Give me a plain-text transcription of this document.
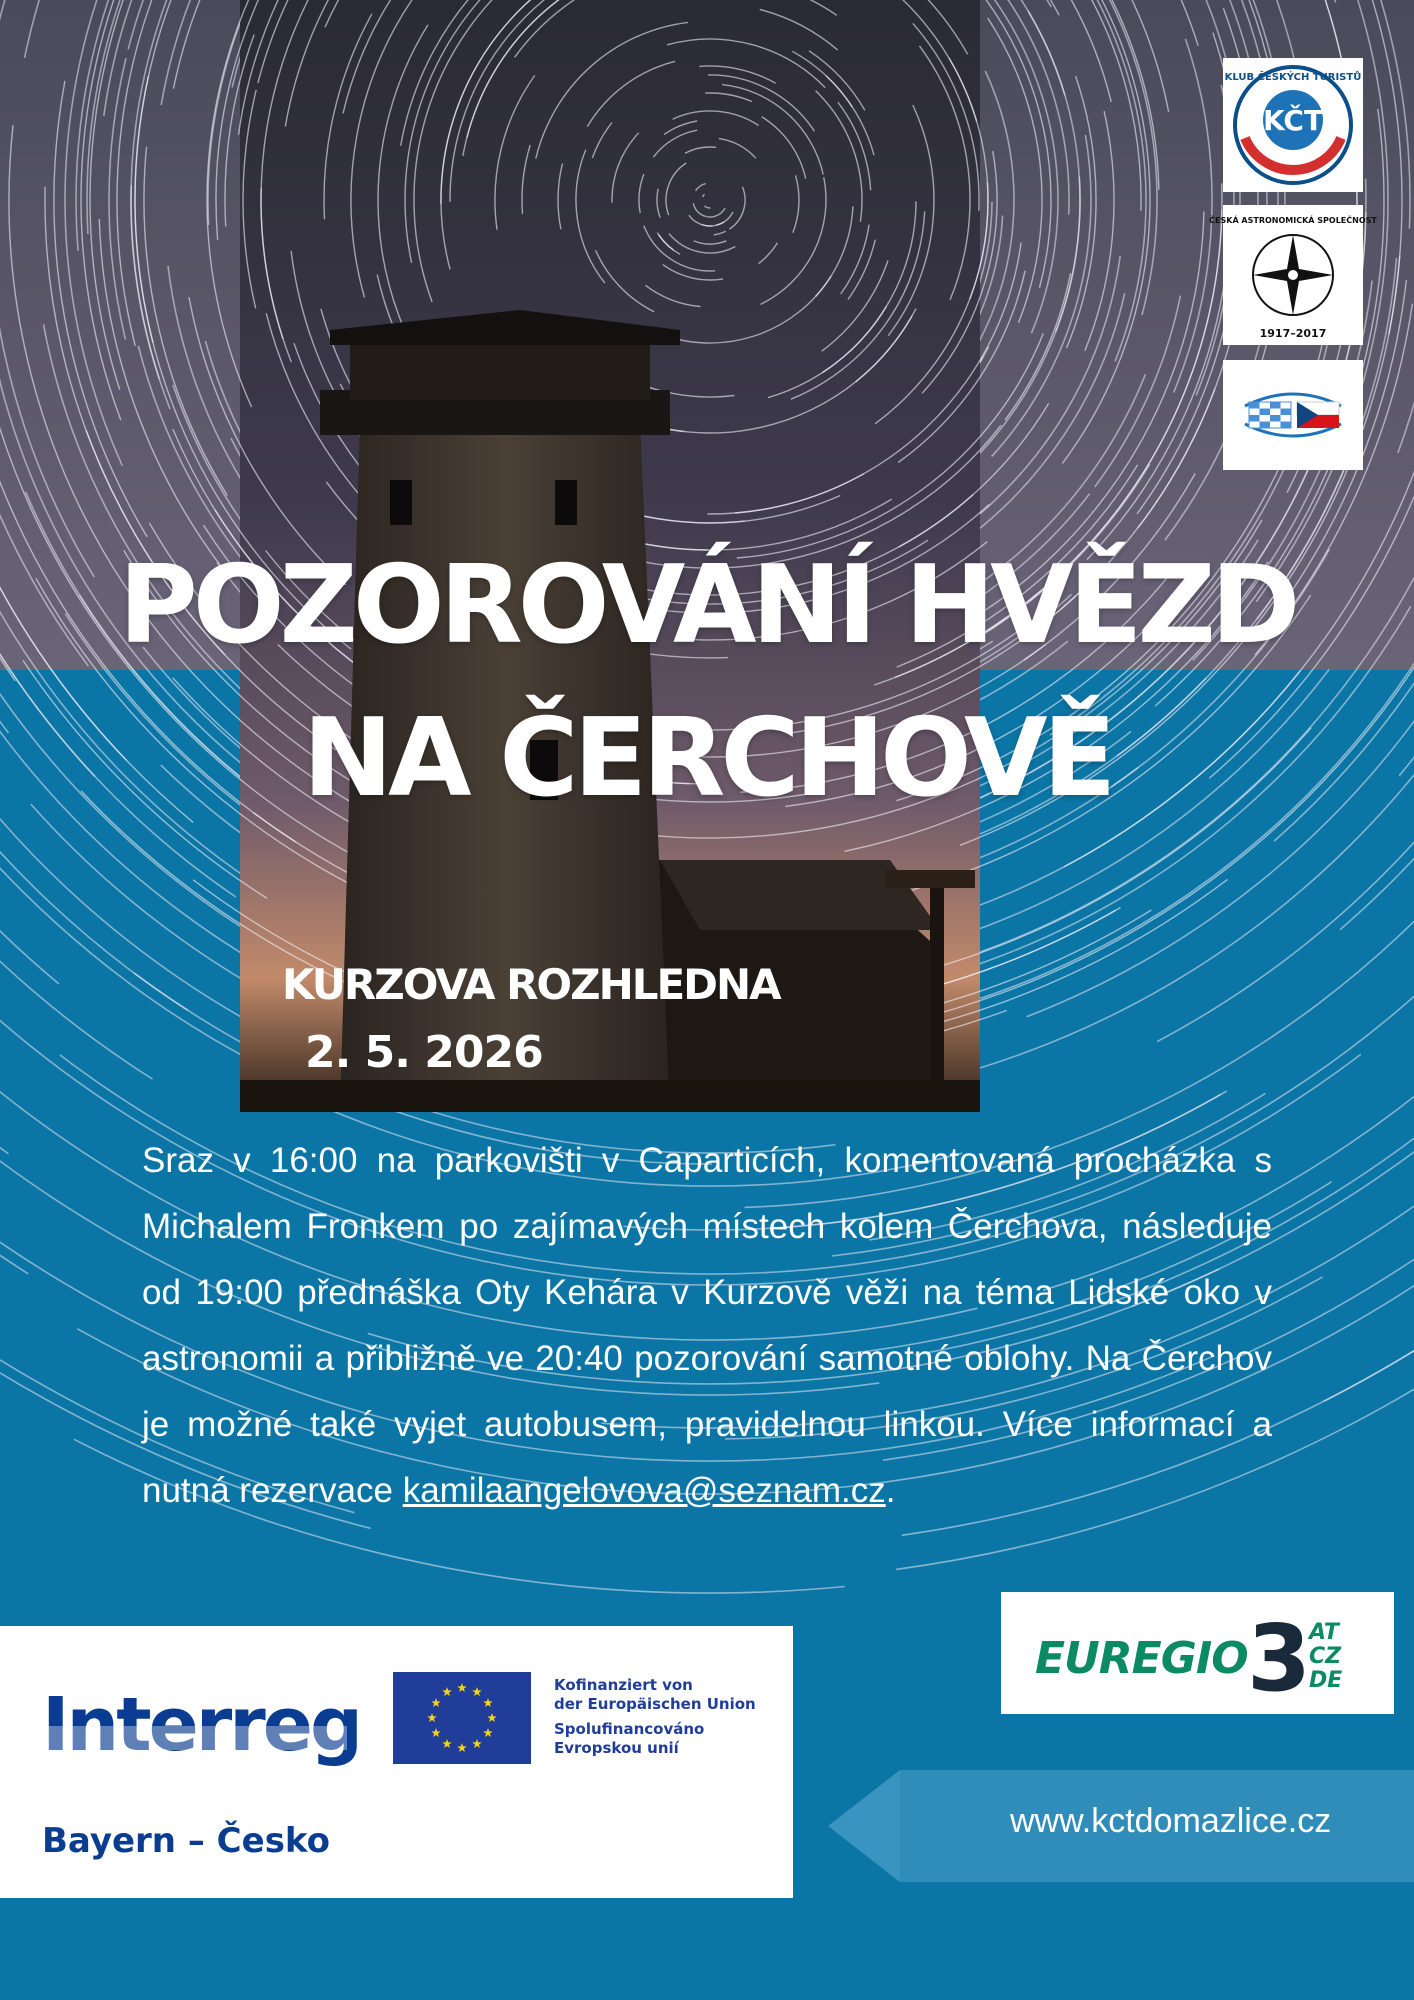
KČT
KLUB ČESKÝCH TURISTŮ
ČESKÁ ASTRONOMICKÁ SPOLEČNOST
1917–2017
POZOROVÁNÍ HVĚZD
NA ČERCHOVĚ
KURZOVA ROZHLEDNA
2. 5. 2026
Sraz v 16:00 na parkovišti v Caparticích, komentovaná procházka s Michalem Fronkem po zajímavých místech kolem Čerchova, následuje od 19:00 přednáška Oty Kehára v Kurzově věži na téma Lidské oko v astronomii a přibližně ve 20:40 pozorování samotné oblohy. Na Čerchov je možné také vyjet autobusem, pravidelnou linkou. Více informací a nutná rezervace kamilaangelovova@seznam.cz.
EUREGIO 3
AT
CZ
DE
Interreg
Bayern – Česko
Kofinanziert von
der Europäischen Union
Spolufinancováno
Evropskou unií
www.kctdomazlice.cz
